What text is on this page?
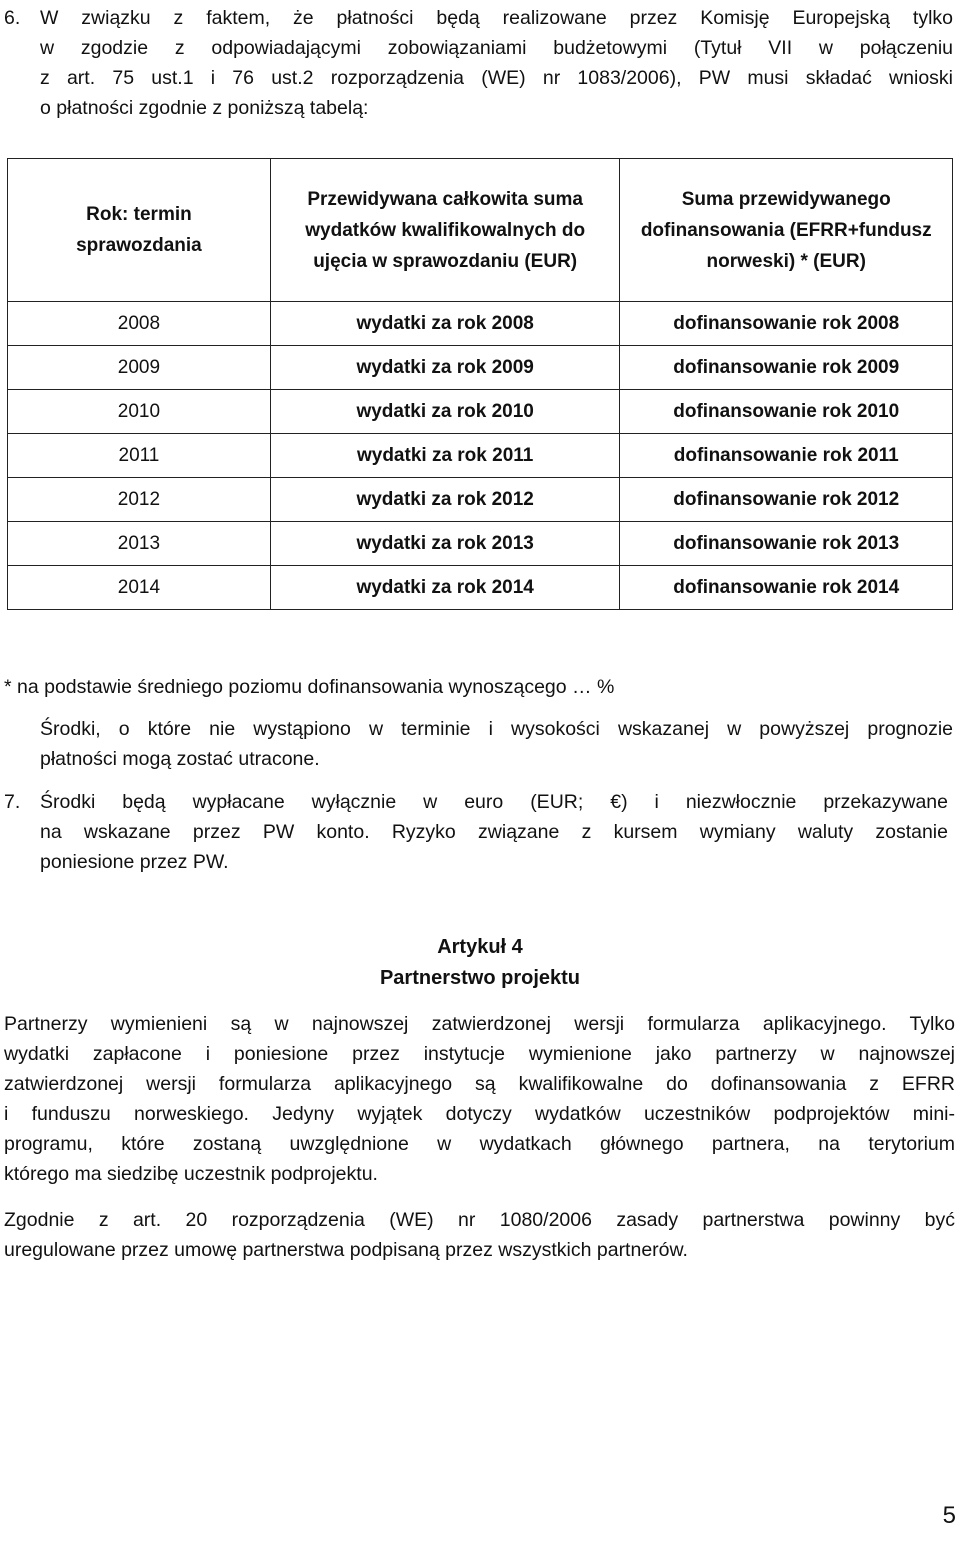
6. W związku z faktem, że płatności będą realizowane przez Komisję Europejską tylko
w zgodzie z odpowiadającymi zobowiązaniami budżetowymi (Tytuł VII w połączeniu
z art. 75 ust.1 i 76 ust.2 rozporządzenia (WE) nr 1083/2006), PW musi składać wnioski
o płatności zgodnie z poniższą tabelą:
Rok: termin sprawozdania	Przewidywana całkowita suma wydatków kwalifikowalnych do ujęcia w sprawozdaniu (EUR)	Suma przewidywanego dofinansowania (EFRR+fundusz norweski) * (EUR)
2008	wydatki za rok 2008	dofinansowanie rok 2008
2009	wydatki za rok 2009	dofinansowanie rok 2009
2010	wydatki za rok 2010	dofinansowanie rok 2010
2011	wydatki za rok 2011	dofinansowanie rok 2011
2012	wydatki za rok 2012	dofinansowanie rok 2012
2013	wydatki za rok 2013	dofinansowanie rok 2013
2014	wydatki za rok 2014	dofinansowanie rok 2014
* na podstawie średniego poziomu dofinansowania wynoszącego … %
Środki, o które nie wystąpiono w terminie i wysokości wskazanej w powyższej prognozie
płatności mogą zostać utracone.
7. Środki będą wypłacane wyłącznie w euro (EUR; €) i niezwłocznie przekazywane
na wskazane przez PW konto. Ryzyko związane z kursem wymiany waluty zostanie
poniesione przez PW.
Artykuł 4
Partnerstwo projektu
Partnerzy wymienieni są w najnowszej zatwierdzonej wersji formularza aplikacyjnego. Tylko
wydatki zapłacone i poniesione przez instytucje wymienione jako partnerzy w najnowszej
zatwierdzonej wersji formularza aplikacyjnego są kwalifikowalne do dofinansowania z EFRR
i funduszu norweskiego. Jedyny wyjątek dotyczy wydatków uczestników podprojektów mini-
programu, które zostaną uwzględnione w wydatkach głównego partnera, na terytorium
którego ma siedzibę uczestnik podprojektu.
Zgodnie z art. 20 rozporządzenia (WE) nr 1080/2006 zasady partnerstwa powinny być
uregulowane przez umowę partnerstwa podpisaną przez wszystkich partnerów.
5
